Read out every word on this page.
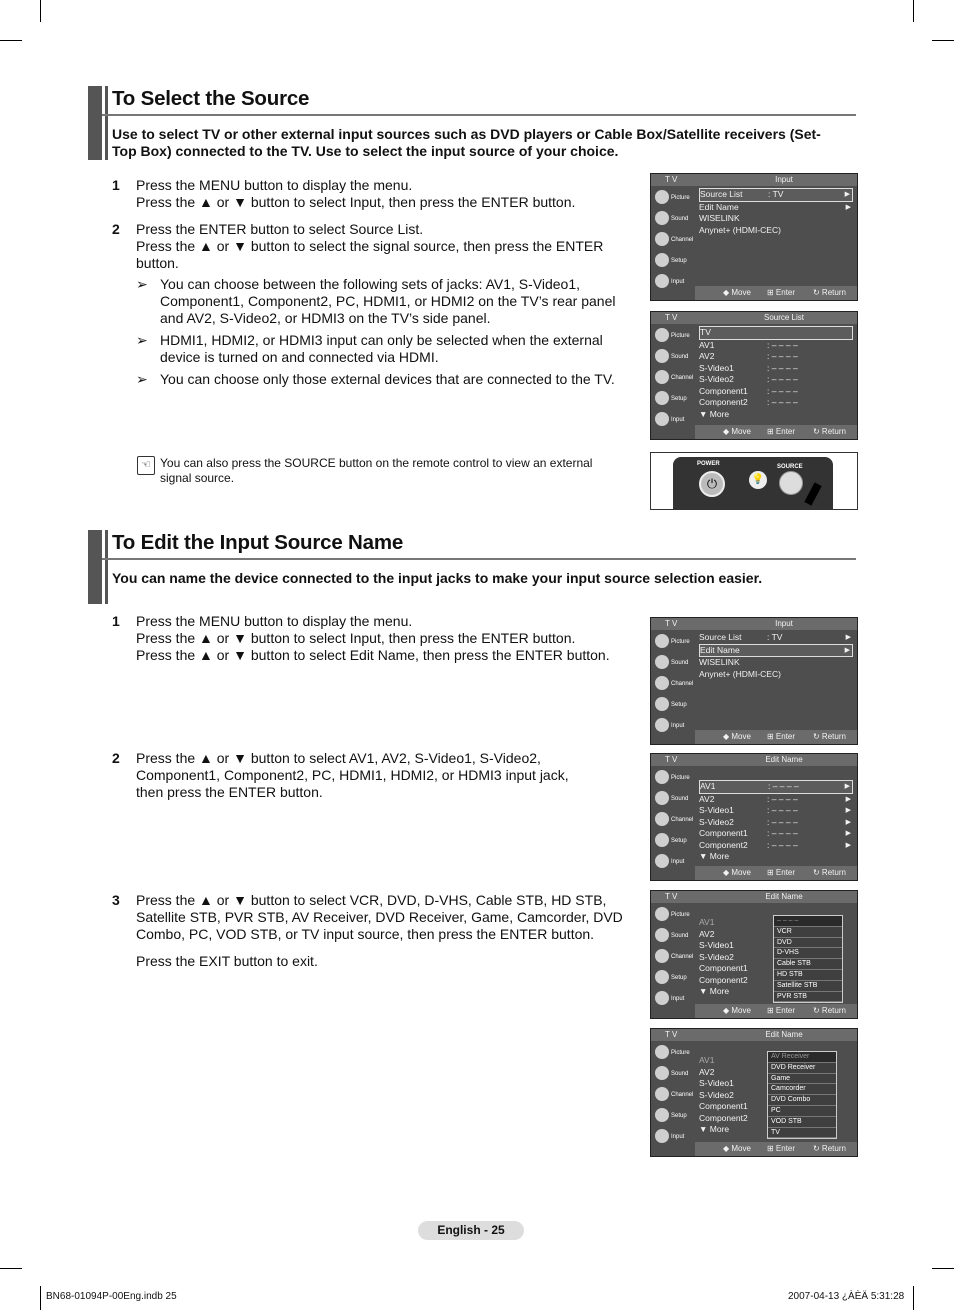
To Select the Source
Use to select TV or other external input sources such as DVD players or Cable Box/Satellite receivers (Set-Top Box) connected to the TV. Use to select the input source of your choice.
1 Press the MENU button to display the menu.
Press the ▲ or ▼ button to select Input, then press the ENTER button.
2 Press the ENTER button to select Source List.
Press the ▲ or ▼ button to select the signal source, then press the ENTER button.
➢ You can choose between the following sets of jacks: AV1, S-Video1, Component1, Component2, PC, HDMI1, or HDMI2 on the TV’s rear panel and AV2, S-Video2, or HDMI3 on the TV’s side panel.
➢ HDMI1, HDMI2, or HDMI3 input can only be selected when the external device is turned on and connected via HDMI.
➢ You can choose only those external devices that are connected to the TV.
☜ You can also press the SOURCE button on the remote control to view an external signal source.
T V	Input
Picture
Sound
Channel
Setup
Input
Source List	: TV	▶
Edit Name	▶
WISELINK
Anynet+ (HDMI-CEC)
◆ Move ⊞ Enter ↻ Return
T V	Source List
Picture
Sound
Channel
Setup
Input
TV
AV1	: – – – –
AV2	: – – – –
S-Video1	: – – – –
S-Video2	: – – – –
Component1 : – – – –
Component2 : – – – –
▼ More
◆ Move ⊞ Enter ↻ Return
POWER
⏻	💡
SOURCE
To Edit the Input Source Name
You can name the device connected to the input jacks to make your input source selection easier.
1 Press the MENU button to display the menu.
Press the ▲ or ▼ button to select Input, then press the ENTER button.
Press the ▲ or ▼ button to select Edit Name, then press the ENTER button.
2 Press the ▲ or ▼ button to select AV1, AV2, S-Video1, S-Video2, Component1, Component2, PC, HDMI1, HDMI2, or HDMI3 input jack, then press the ENTER button.
3 Press the ▲ or ▼ button to select VCR, DVD, D-VHS, Cable STB, HD STB, Satellite STB, PVR STB, AV Receiver, DVD Receiver, Game, Camcorder, DVD Combo, PC, VOD STB, or TV input source, then press the ENTER button.
Press the EXIT button to exit.
T V	Input
Picture
Sound
Channel
Setup
Input
Source List	: TV	▶
Edit Name	▶
WISELINK
Anynet+ (HDMI-CEC)
◆ Move ⊞ Enter ↻ Return
T V	Edit Name
Picture
Sound
Channel
Setup
Input
AV1	: – – – –	▶
AV2	: – – – –	▶
S-Video1	: – – – –	▶
S-Video2	: – – – –	▶
Component1 : – – – –	▶
Component2 : – – – –	▶
▼ More
◆ Move ⊞ Enter ↻ Return
T V	Edit Name
Picture
Sound
Channel
Setup
Input
AV1
AV2
S-Video1
S-Video2
Component1
Component2
▼ More
– – – –
VCR
DVD
D-VHS
Cable STB
HD STB
Satellite STB
PVR STB
◆ Move ⊞ Enter ↻ Return
T V	Edit Name
Picture
Sound
Channel
Setup
Input
AV1
AV2
S-Video1
S-Video2
Component1
Component2
▼ More
AV Receiver
DVD Receiver
Game
Camcorder
DVD Combo
PC
VOD STB
TV
◆ Move ⊞ Enter ↻ Return
English - 25
BN68-01094P-00Eng.indb 25	2007-04-13 ¿ÀÈÄ 5:31:28
